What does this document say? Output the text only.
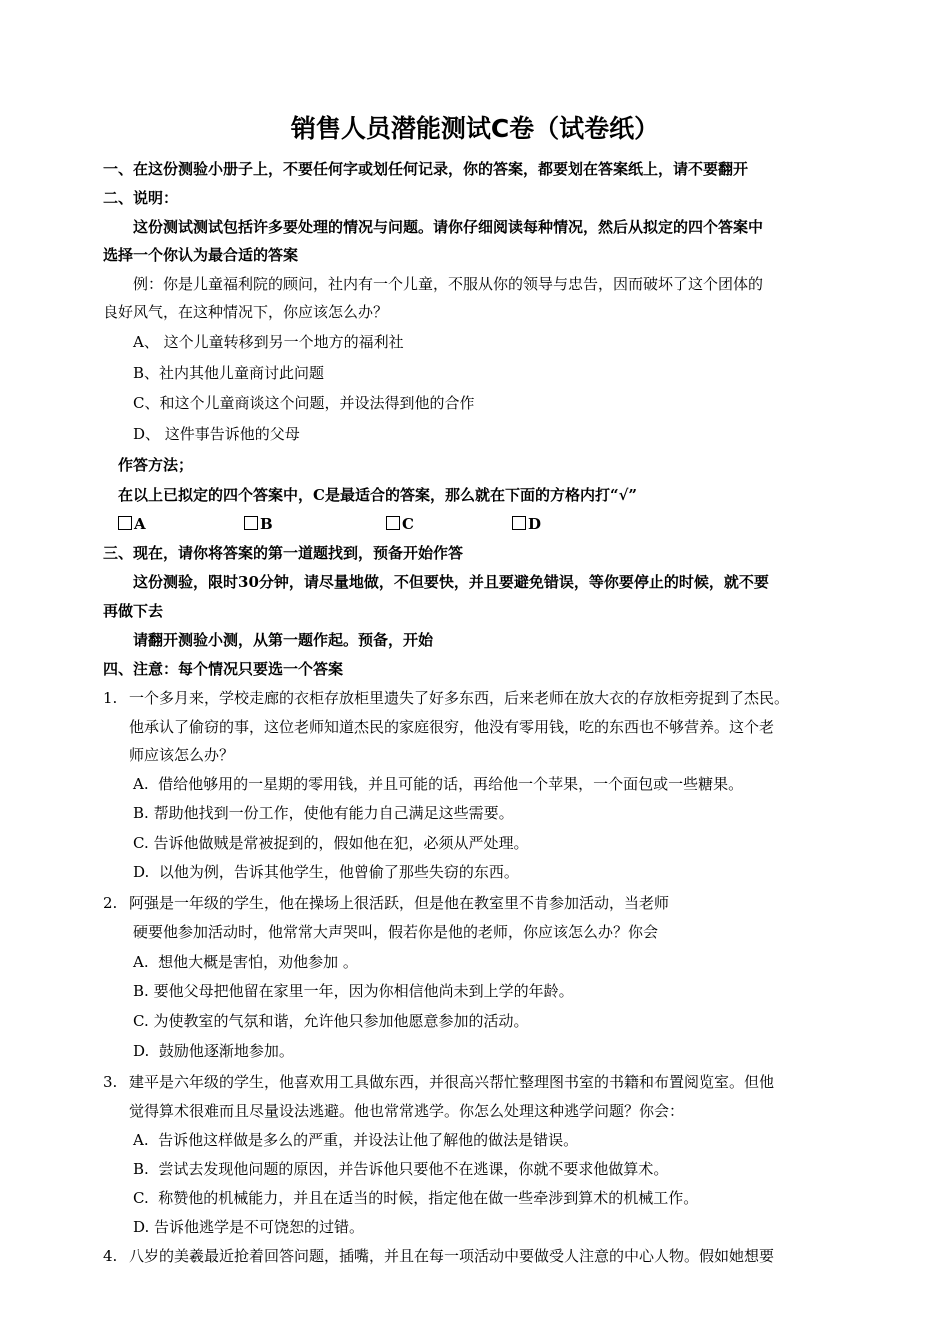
销售人员潜能测试C卷（试卷纸）
一、在这份测验小册子上，不要任何字或划任何记录，你的答案，都要划在答案纸上，请不要翻开
二、说明：
这份测试测试包括许多要处理的情况与问题。请你仔细阅读每种情况，然后从拟定的四个答案中
选择一个你认为最合适的答案
例：你是儿童福利院的顾问，社内有一个儿童，不服从你的领导与忠告，因而破坏了这个团体的
良好风气，在这种情况下，你应该怎么办？
A、 这个儿童转移到另一个地方的福利社
B、社内其他儿童商讨此问题
C、和这个儿童商谈这个问题，并设法得到他的合作
D、 这件事告诉他的父母
作答方法；
在以上已拟定的四个答案中，C是最适合的答案，那么就在下面的方格内打“√”
A	B	C	D
三、现在，请你将答案的第一道题找到，预备开始作答
这份测验，限时30分钟，请尽量地做，不但要快，并且要避免错误，等你要停止的时候，就不要
再做下去
请翻开测验小测，从第一题作起。预备，开始
四、注意：每个情况只要选一个答案
1. 一个多月来，学校走廊的衣柜存放柜里遗失了好多东西，后来老师在放大衣的存放柜旁捉到了杰民。
他承认了偷窃的事，这位老师知道杰民的家庭很穷，他没有零用钱，吃的东西也不够营养。这个老
师应该怎么办？
A. 借给他够用的一星期的零用钱，并且可能的话，再给他一个苹果，一个面包或一些糖果。
B. 帮助他找到一份工作，使他有能力自己满足这些需要。
C. 告诉他做贼是常被捉到的，假如他在犯，必须从严处理。
D. 以他为例，告诉其他学生，他曾偷了那些失窃的东西。
2. 阿强是一年级的学生，他在操场上很活跃，但是他在教室里不肯参加活动，当老师
硬要他参加活动时，他常常大声哭叫，假若你是他的老师，你应该怎么办？你会
A. 想他大概是害怕，劝他参加 。
B. 要他父母把他留在家里一年，因为你相信他尚未到上学的年龄。
C. 为使教室的气氛和谐，允许他只参加他愿意参加的活动。
D. 鼓励他逐渐地参加。
3. 建平是六年级的学生，他喜欢用工具做东西，并很高兴帮忙整理图书室的书籍和布置阅览室。但他
觉得算术很难而且尽量设法逃避。他也常常逃学。你怎么处理这种逃学问题？你会：
A. 告诉他这样做是多么的严重，并设法让他了解他的做法是错误。
B. 尝试去发现他问题的原因，并告诉他只要他不在逃课，你就不要求他做算术。
C. 称赞他的机械能力，并且在适当的时候，指定他在做一些牵涉到算术的机械工作。
D. 告诉他逃学是不可饶恕的过错。
4. 八岁的美羲最近抢着回答问题，插嘴，并且在每一项活动中要做受人注意的中心人物。假如她想要
